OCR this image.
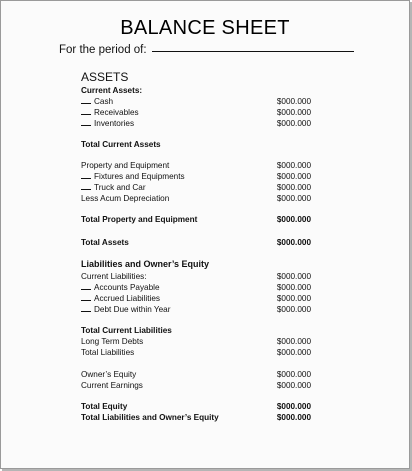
BALANCE SHEET
For the period of:
ASSETS
Current Assets:
Cash	$000.000
Receivables	$000.000
Inventories	$000.000
Total Current Assets
Property and Equipment	$000.000
Fixtures and Equipments	$000.000
Truck and Car	$000.000
Less Acum Depreciation	$000.000
Total Property and Equipment	$000.000
Total Assets	$000.000
Liabilities and Owner’s Equity
Current Liabilities:	$000.000
Accounts Payable	$000.000
Accrued Liabilities	$000.000
Debt Due within Year	$000.000
Total Current Liabilities
Long Term Debts	$000.000
Total Liabilities	$000.000
Owner’s Equity	$000.000
Current Earnings	$000.000
Total Equity	$000.000
Total Liabilities and Owner’s Equity	$000.000
